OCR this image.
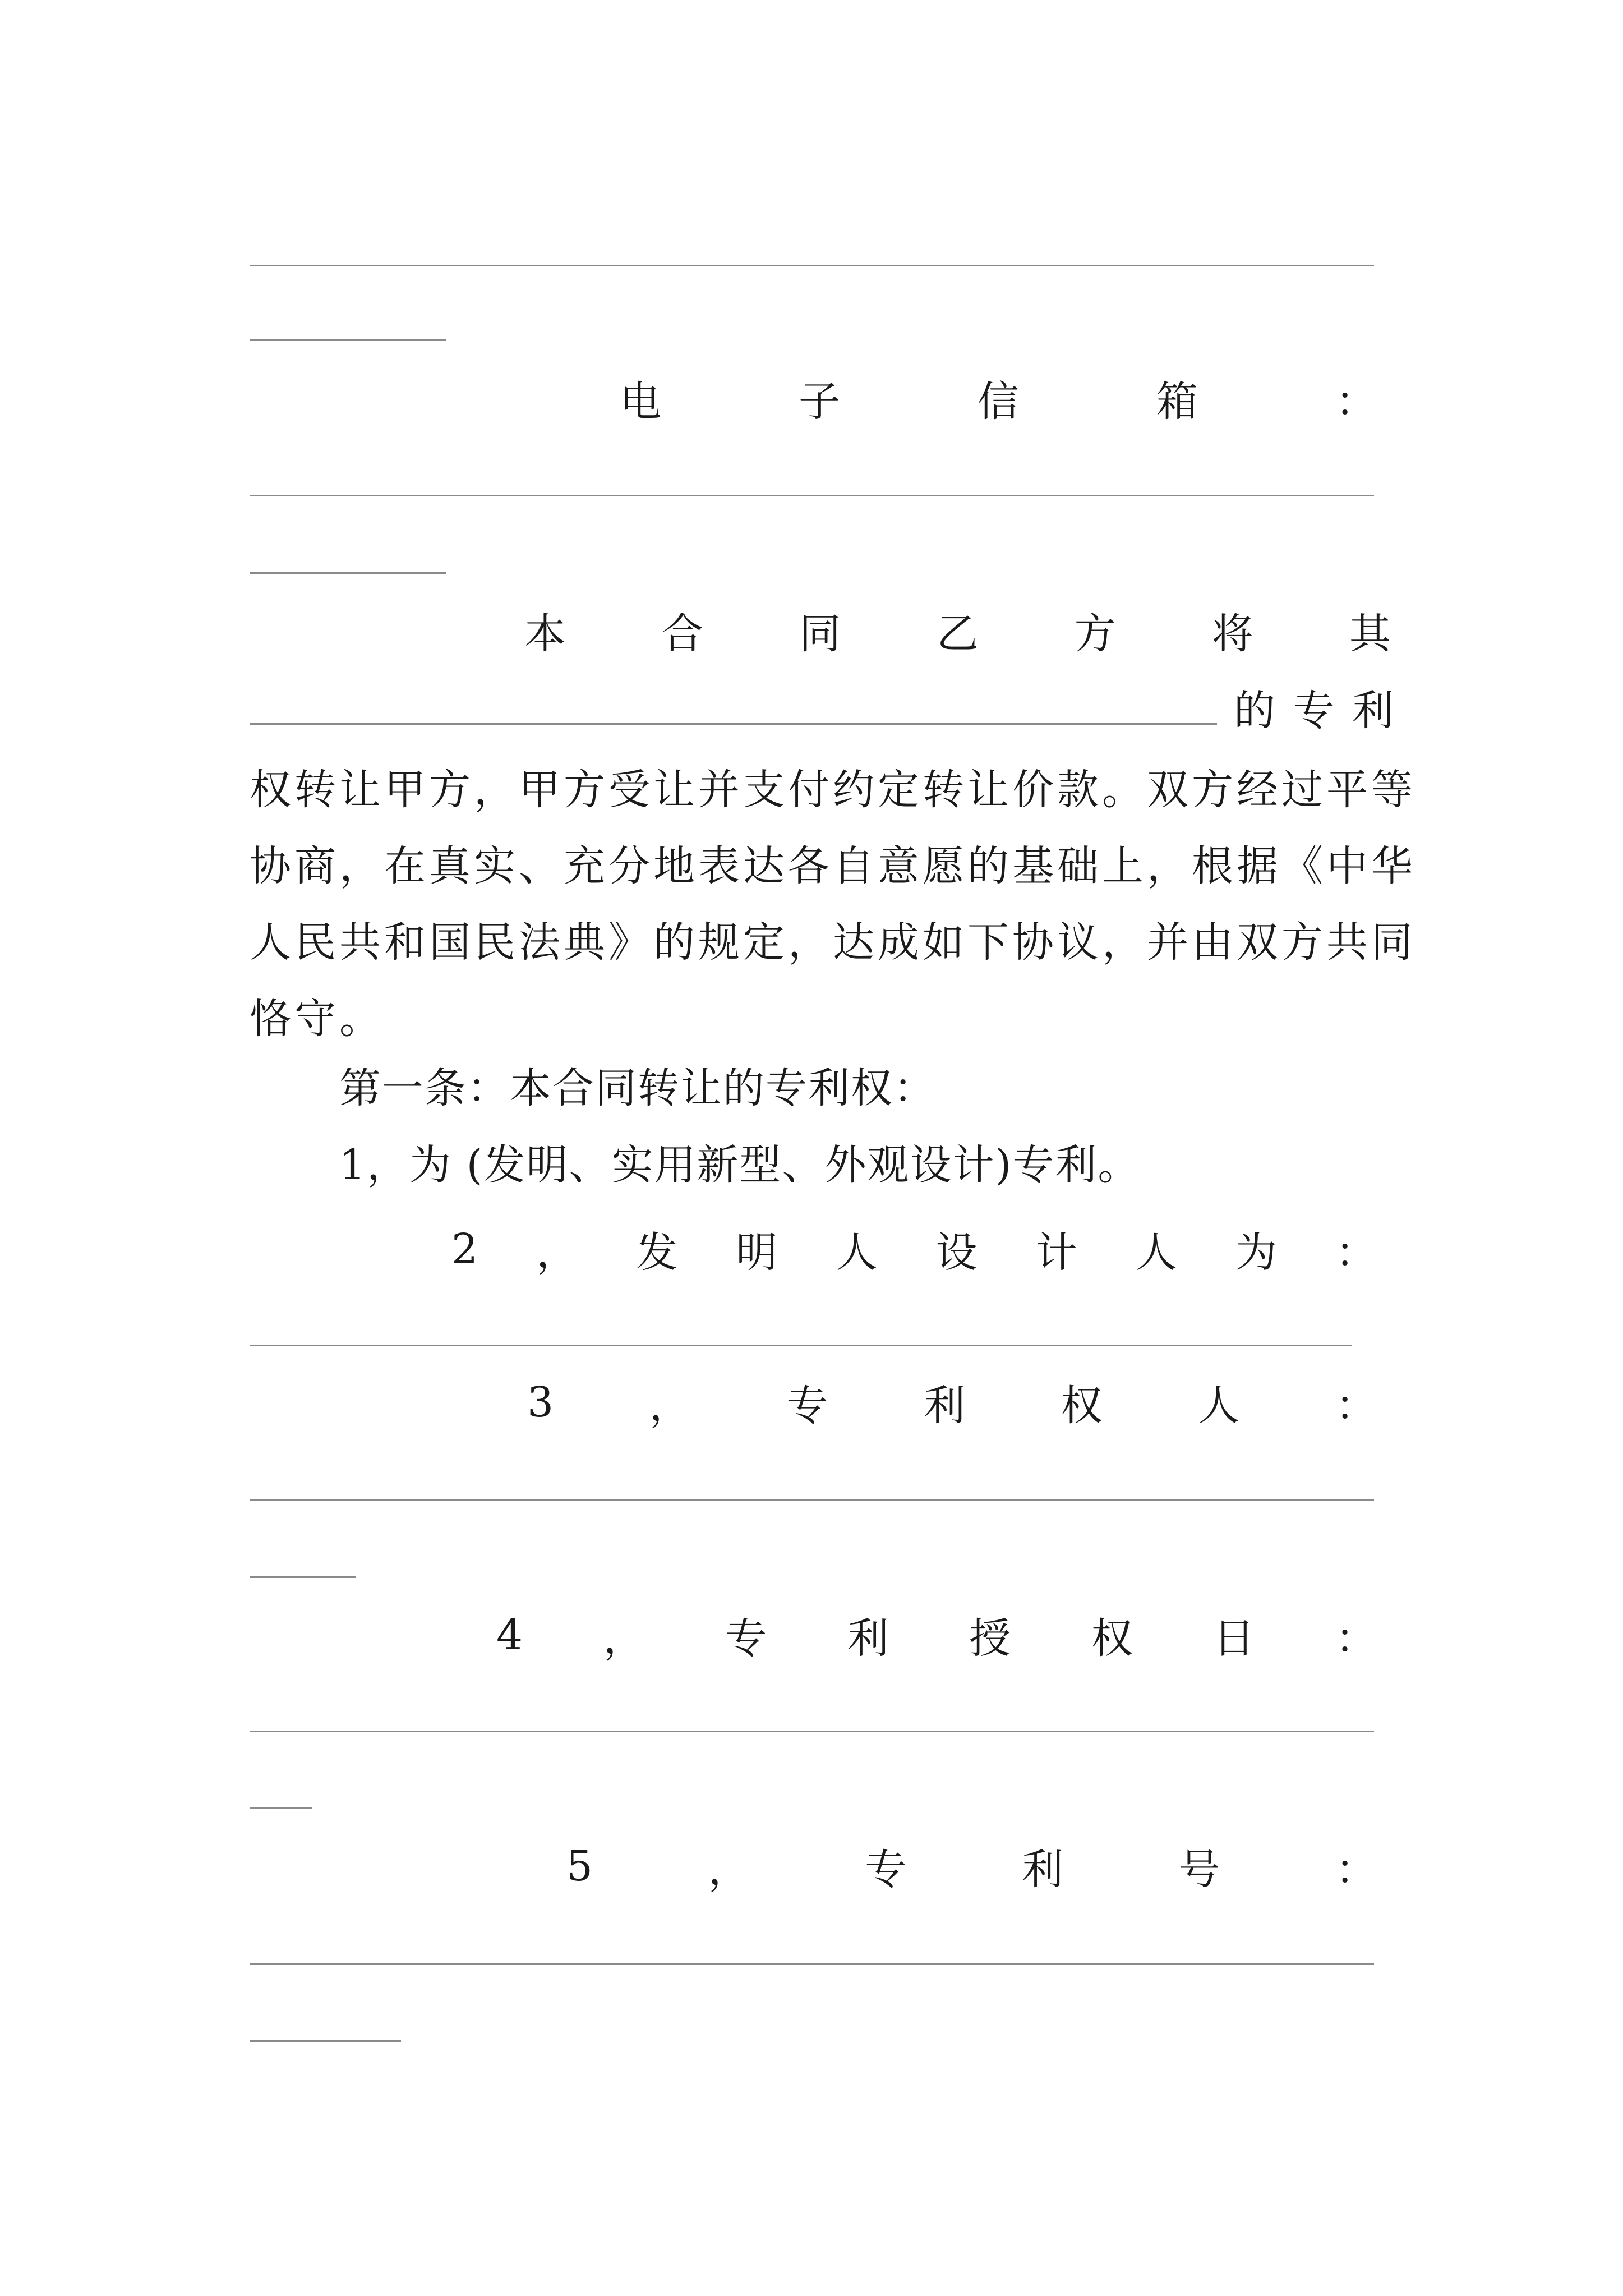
电	子	信	箱	：
本 合 同 乙 方 将 其
的 专 利
权转让甲方，甲方受让并支付约定转让价款。双方经过平等
协商，在真实、充分地表达各自意愿的基础上，根据《中华
人民共和国民法典》的规定，达成如下协议，并由双方共同
恪守。
第一条：本合同转让的专利权：
1，为 (发明、实用新型、外观设计)专利。
2 ， 发 明 人 设 计 人 为 ：
3 ， 专 利 权 人 ：
4 ， 专 利 授 权 日 ：
5	，	专	利	号	：
